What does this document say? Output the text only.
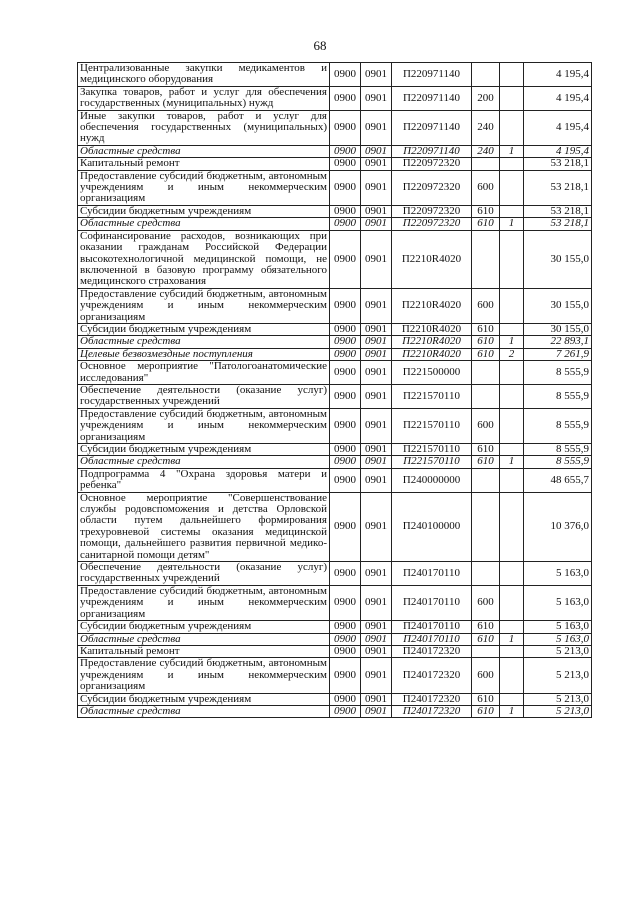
68
Централизованные закупки медикаментов и медицинского оборудования	0900	0901	П220971140			4 195,4
Закупка товаров, работ и услуг для обеспечения государственных (муниципальных) нужд	0900	0901	П220971140	200		4 195,4
Иные закупки товаров, работ и услуг для обеспечения государственных (муниципальных) нужд	0900	0901	П220971140	240		4 195,4
Областные средства	0900	0901	П220971140	240	1	4 195,4
Капитальный ремонт	0900	0901	П220972320			53 218,1
Предоставление субсидий бюджетным, автономным учреждениям и иным некоммерческим организациям	0900	0901	П220972320	600		53 218,1
Субсидии бюджетным учреждениям	0900	0901	П220972320	610		53 218,1
Областные средства	0900	0901	П220972320	610	1	53 218,1
Софинансирование расходов, возникающих при оказании гражданам Российской Федерации высокотехнологичной медицинской помощи, не включенной в базовую программу обязательного медицинского страхования	0900	0901	П2210R4020			30 155,0
Предоставление субсидий бюджетным, автономным учреждениям и иным некоммерческим организациям	0900	0901	П2210R4020	600		30 155,0
Субсидии бюджетным учреждениям	0900	0901	П2210R4020	610		30 155,0
Областные средства	0900	0901	П2210R4020	610	1	22 893,1
Целевые безвозмездные поступления	0900	0901	П2210R4020	610	2	7 261,9
Основное мероприятие "Патологоанатомические исследования"	0900	0901	П221500000			8 555,9
Обеспечение деятельности (оказание услуг) государственных учреждений	0900	0901	П221570110			8 555,9
Предоставление субсидий бюджетным, автономным учреждениям и иным некоммерческим организациям	0900	0901	П221570110	600		8 555,9
Субсидии бюджетным учреждениям	0900	0901	П221570110	610		8 555,9
Областные средства	0900	0901	П221570110	610	1	8 555,9
Подпрограмма 4 "Охрана здоровья матери и ребенка"	0900	0901	П240000000			48 655,7
Основное мероприятие "Совершенствование службы родовспоможения и детства Орловской области путем дальнейшего формирования трехуровневой системы оказания медицинской помощи, дальнейшего развития первичной медико-санитарной помощи детям"	0900	0901	П240100000			10 376,0
Обеспечение деятельности (оказание услуг) государственных учреждений	0900	0901	П240170110			5 163,0
Предоставление субсидий бюджетным, автономным учреждениям и иным некоммерческим организациям	0900	0901	П240170110	600		5 163,0
Субсидии бюджетным учреждениям	0900	0901	П240170110	610		5 163,0
Областные средства	0900	0901	П240170110	610	1	5 163,0
Капитальный ремонт	0900	0901	П240172320			5 213,0
Предоставление субсидий бюджетным, автономным учреждениям и иным некоммерческим организациям	0900	0901	П240172320	600		5 213,0
Субсидии бюджетным учреждениям	0900	0901	П240172320	610		5 213,0
Областные средства	0900	0901	П240172320	610	1	5 213,0
